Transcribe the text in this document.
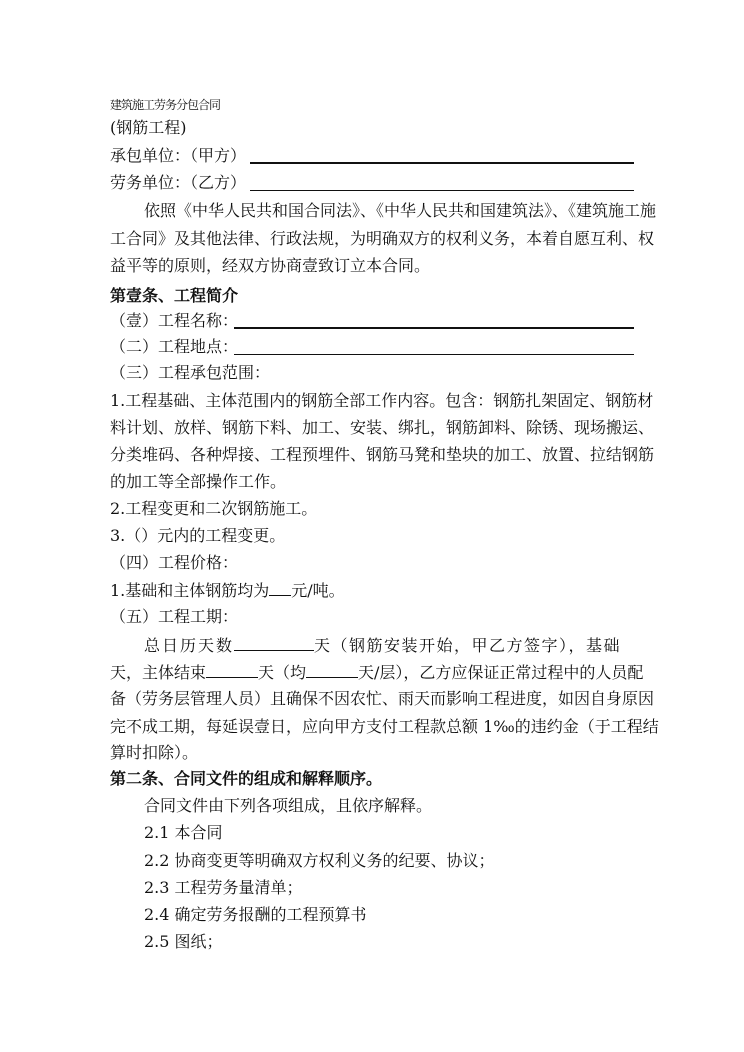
建筑施工劳务分包合同
(钢筋工程)
承包单位：（甲方）
劳务单位：（乙方）
依照《中华人民共和国合同法》、《中华人民共和国建筑法》、《建筑施工施
工合同》及其他法律、行政法规，为明确双方的权利义务，本着自愿互利、权
益平等的原则，经双方协商壹致订立本合同。
第壹条、工程简介
（壹）工程名称：
（二）工程地点：
（三）工程承包范围：
1.工程基础、主体范围内的钢筋全部工作内容。包含：钢筋扎架固定、钢筋材
料计划、放样、钢筋下料、加工、安装、绑扎，钢筋卸料、除锈、现场搬运、
分类堆码、各种焊接、工程预埋件、钢筋马凳和垫块的加工、放置、拉结钢筋
的加工等全部操作工作。
2.工程变更和二次钢筋施工。
3.（）元内的工程变更。
（四）工程价格：
1.基础和主体钢筋均为 元/吨。
（五）工程工期：
总日历天数	天（钢筋安装开始，甲乙方签字），基础
天，主体结束	天（均	天/层），乙方应保证正常过程中的人员配
备（劳务层管理人员）且确保不因农忙、雨天而影响工程进度，如因自身原因
完不成工期，每延误壹日，应向甲方支付工程款总额 1‰的违约金（于工程结
算时扣除）。
第二条、合同文件的组成和解释顺序。
合同文件由下列各项组成，且依序解释。
2.1 本合同
2.2 协商变更等明确双方权利义务的纪要、协议；
2.3 工程劳务量清单；
2.4 确定劳务报酬的工程预算书
2.5 图纸；
